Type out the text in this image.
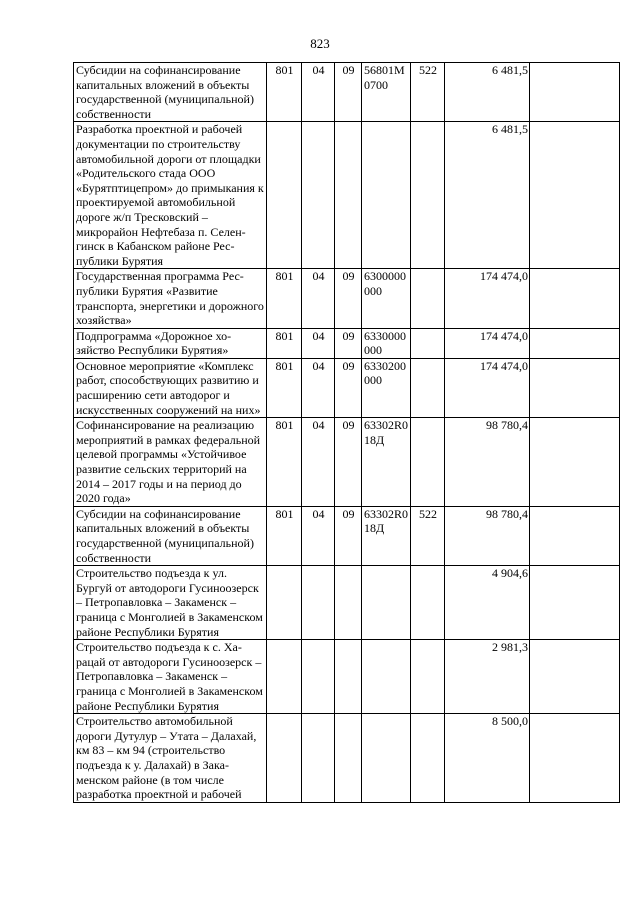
823
Субсидии на софинансирование капитальных вложений в объекты государственной (муниципальной) собственности	801	04	09	56801M 0700	522	6 481,5	
Разработка проектной и рабочей документации по строительству автомобильной дороги от площадки «Родительского стада ООО «Бурятптицепром» до примыкания к проектируемой автомобильной дороге ж/п Тресковский – микрорайон Нефтебаза п. Селенгинск в Кабанском районе Республики Бурятия						6 481,5	
Государственная программа Республики Бурятия «Развитие транспорта, энергетики и дорожного хозяйства»	801	04	09	6300000 000		174 474,0	
Подпрограмма «Дорожное хозяйство Республики Бурятия»	801	04	09	6330000 000		174 474,0	
Основное мероприятие «Комплекс работ, способствующих развитию и расширению сети автодорог и искусственных сооружений на них»	801	04	09	6330200 000		174 474,0	
Софинансирование на реализацию мероприятий в рамках федеральной целевой программы «Устойчивое развитие сельских территорий на 2014 – 2017 годы и на период до 2020 года»	801	04	09	63302R0 18Д		98 780,4	
Субсидии на софинансирование капитальных вложений в объекты государственной (муниципальной) собственности	801	04	09	63302R0 18Д	522	98 780,4	
Строительство подъезда к ул. Бургуй от автодороги Гусиноозерск – Петропавловка – Закаменск – граница с Монголией в Закаменском районе Республики Бурятия						4 904,6	
Строительство подъезда к с. Харацай от автодороги Гусиноозерск – Петропавловка – Закаменск – граница с Монголией в Закаменском районе Республики Бурятия						2 981,3	
Строительство автомобильной дороги Дутулур – Утата – Далахай, км 83 – км 94 (строительство подъезда к у. Далахай) в Закаменском районе (в том числе разработка проектной и рабочей						8 500,0	
